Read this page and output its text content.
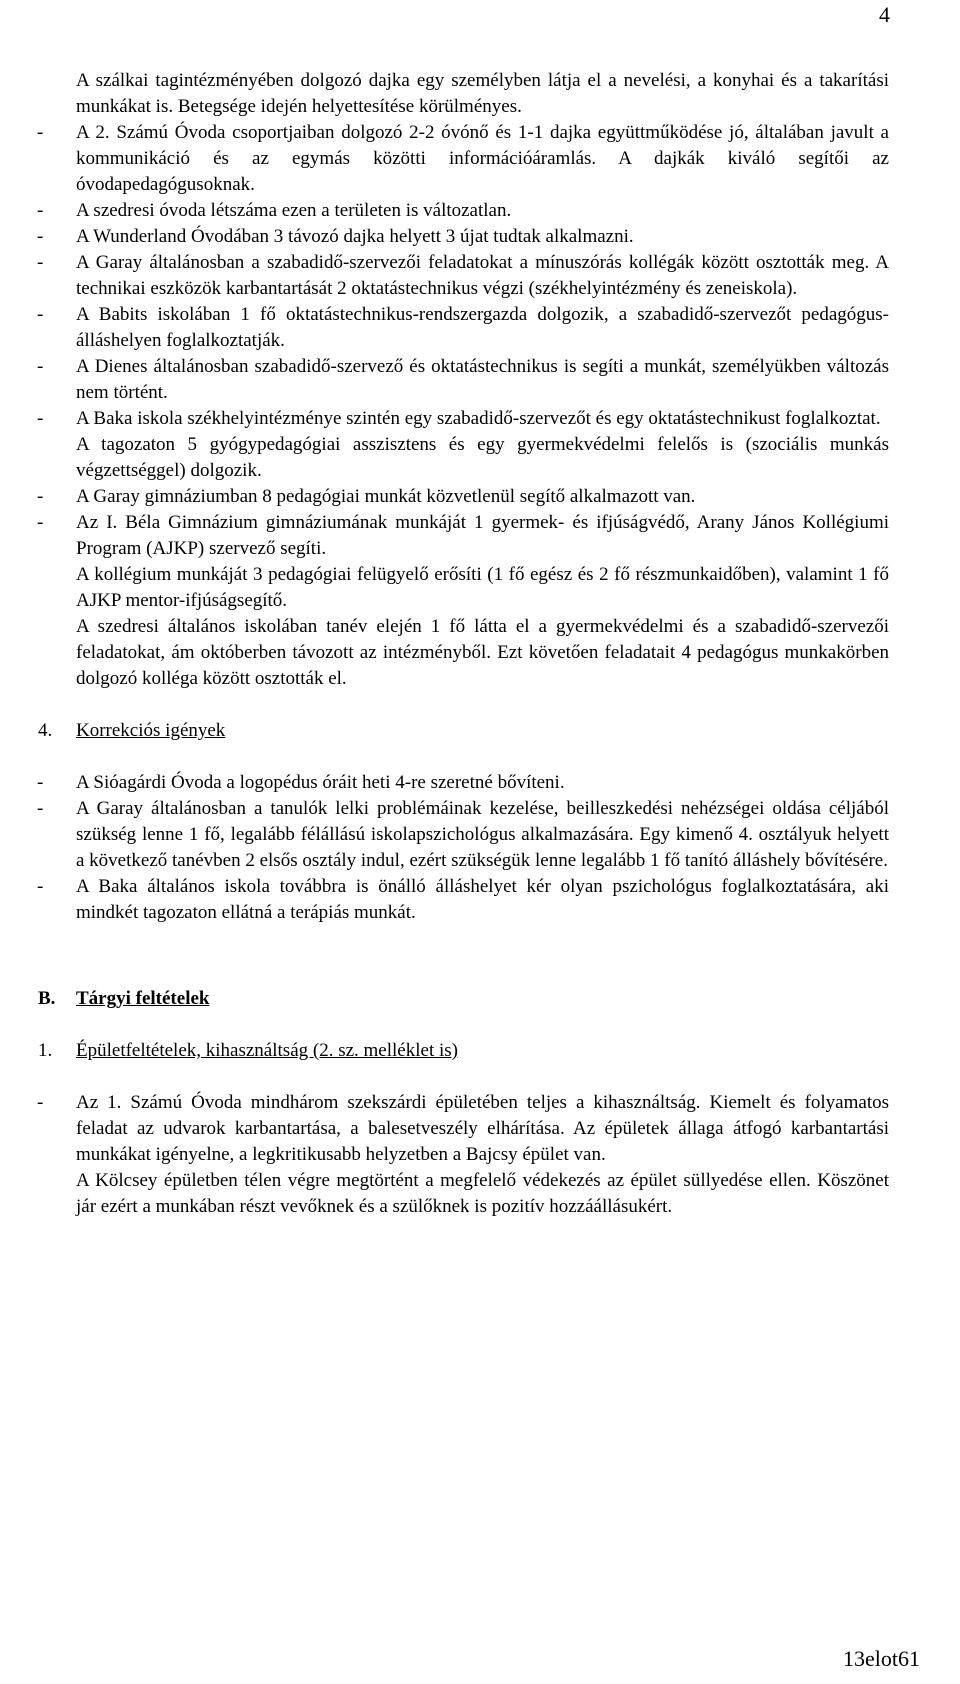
4

A szálkai tagintézményében dolgozó dajka egy személyben látja el a nevelési, a konyhai és a takarítási munkákat is. Betegsége idején helyettesítése körülményes.

- A 2. Számú Óvoda csoportjaiban dolgozó 2-2 óvónő és 1-1 dajka együttműködése jó, általában javult a kommunikáció és az egymás közötti információáramlás. A dajkák kiváló segítői az óvodapedagógusoknak.

- A szedresi óvoda létszáma ezen a területen is változatlan.

- A Wunderland Óvodában 3 távozó dajka helyett 3 újat tudtak alkalmazni.

- A Garay általánosban a szabadidő-szervezői feladatokat a mínuszórás kollégák között osztották meg. A technikai eszközök karbantartását 2 oktatástechnikus végzi (székhelyintézmény és zeneiskola).

- A Babits iskolában 1 fő oktatástechnikus-rendszergazda dolgozik, a szabadidő-szervezőt pedagógus-álláshelyen foglalkoztatják.

- A Dienes általánosban szabadidő-szervező és oktatástechnikus is segíti a munkát, személyükben változás nem történt.

- A Baka iskola székhelyintézménye szintén egy szabadidő-szervezőt és egy oktatástechnikust foglalkoztat.

A tagozaton 5 gyógypedagógiai asszisztens és egy gyermekvédelmi felelős is (szociális munkás végzettséggel) dolgozik.

- A Garay gimnáziumban 8 pedagógiai munkát közvetlenül segítő alkalmazott van.

- Az I. Béla Gimnázium gimnáziumának munkáját 1 gyermek- és ifjúságvédő, Arany János Kollégiumi Program (AJKP) szervező segíti.

A kollégium munkáját 3 pedagógiai felügyelő erősíti (1 fő egész és 2 fő részmunkaidőben), valamint 1 fő AJKP mentor-ifjúságsegítő.

A szedresi általános iskolában tanév elején 1 fő látta el a gyermekvédelmi és a szabadidő-szervezői feladatokat, ám októberben távozott az intézményből. Ezt követően feladatait 4 pedagógus munkakörben dolgozó kolléga között osztották el.

4. Korrekciós igények

- A Sióagárdi Óvoda a logopédus óráit heti 4-re szeretné bővíteni.

- A Garay általánosban a tanulók lelki problémáinak kezelése, beilleszkedési nehézségei oldása céljából szükség lenne 1 fő, legalább félállású iskolapszichológus alkalmazására. Egy kimenő 4. osztályuk helyett a következő tanévben 2 elsős osztály indul, ezért szükségük lenne legalább 1 fő tanító álláshely bővítésére.

- A Baka általános iskola továbbra is önálló álláshelyet kér olyan pszichológus foglalkoztatására, aki mindkét tagozaton ellátná a terápiás munkát.

B. Tárgyi feltételek
1. Épületfeltételek, kihasználtság (2. sz. melléklet is)

- Az 1. Számú Óvoda mindhárom szekszárdi épületében teljes a kihasználtság. Kiemelt és folyamatos feladat az udvarok karbantartása, a balesetveszély elhárítása. Az épületek állaga átfogó karbantartási munkákat igényelne, a legkritikusabb helyzetben a Bajcsy épület van.

A Kölcsey épületben télen végre megtörtént a megfelelő védekezés az épület süllyedése ellen. Köszönet jár ezért a munkában részt vevőknek és a szülőknek is pozitív hozzáállásukért.

13elot61
